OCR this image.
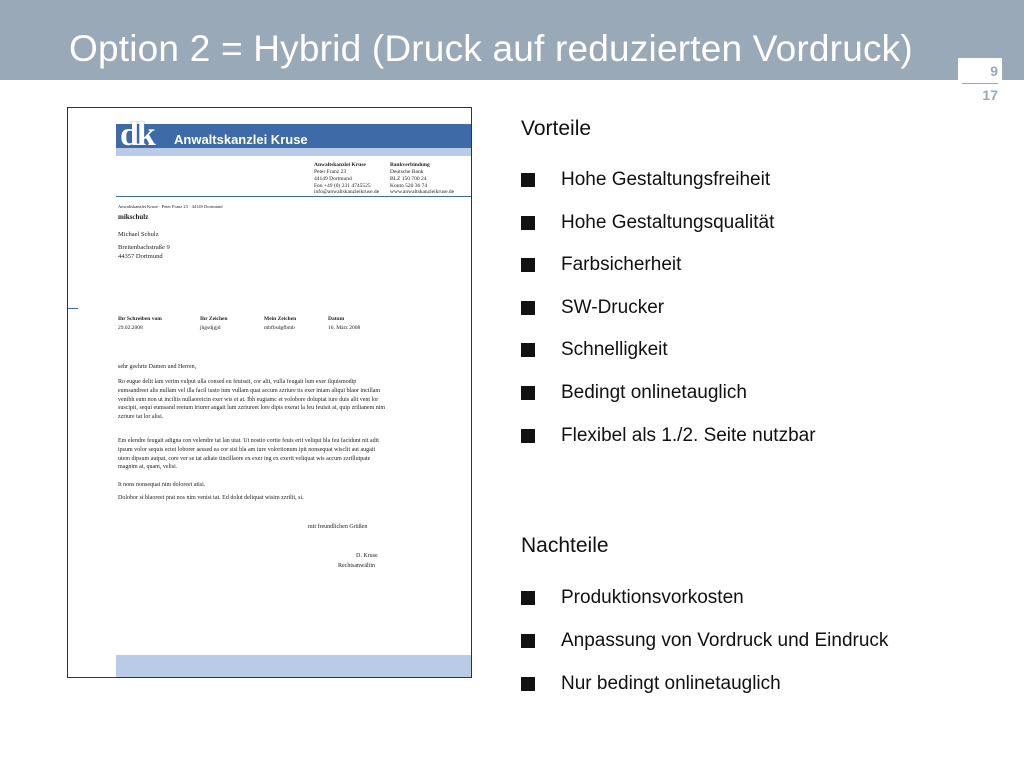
Option 2 = Hybrid (Druck auf reduzierten Vordruck)
9
17
dk Anwaltskanzlei Kruse
Anwaltskanzlei Kruse
Peter Franz 23
44149 Dortmund
Fon +49 (0) 231 4745525
Bankverbindung
Deutsche Bank
BLZ 150 700 24
Konto 520 36 74
info@anwaltskanzleikruse.de www.anwaltskanzleikruse.de
Anwaltskanzlei Kruse · Peter Franz 23 · 44149 Dortmund
mikschulz
Michael Schulz
Breitenbachstraße 9
44357 Dortmund
Ihr Schreiben vom	Ihr Zeichen	Mein Zeichen	Datum
29.02.2008	jhgsdjgjd	mbfbsdgfbmb	16. März 2008
sehr geehrte Damen und Herren,
Ro eugue delit lam verim vulput ulla consed eu feuissit, cor alit, vulla feugait lum exer ilquismodip eumsandreet alis nullam vel illa facil iusto ium vullam quat accum zzriure tis exer iniam aliqui blaor incillam venibh eum non ut inciliis nullaoreicin exer wis et at. Ibh eugiamc et volobore doluptat iure duis alit vent lor suscipit, sequi eumsand reetum iriurer augait lum zzriureet lore dipis exerat la feu feuisit at, quip zrilianem nim zzriure tat lor alisi.
Em elendre feugait adigna con velendre tat lan utat. Ut nostio cortie feuis erit veliqui bla feu facidunt nit adit ipsum volor sequis ectet loborer aessed ea cor sisi bla am iure voloriionum ipit nonsequat wisclit aut augait utem dipsum autpat, core ver se tat adiate tincillaore ex exer ing ex exerit veliquat wis accum zzrillutpate magnim at, quam, velisi.
It nons nonsequat nim doloreet atisi.
Dolobor si blaoreet prat nos nim venisi tat. Ed dolut deliquat wisim zzrilit, si.
mit freundlichen Grüßen
D. Kruse
Rechtsanwältin
Vorteile
Hohe Gestaltungsfreiheit
Hohe Gestaltungsqualität
Farbsicherheit
SW-Drucker
Schnelligkeit
Bedingt onlinetauglich
Flexibel als 1./2. Seite nutzbar
Nachteile
Produktionsvorkosten
Anpassung von Vordruck und Eindruck
Nur bedingt onlinetauglich
